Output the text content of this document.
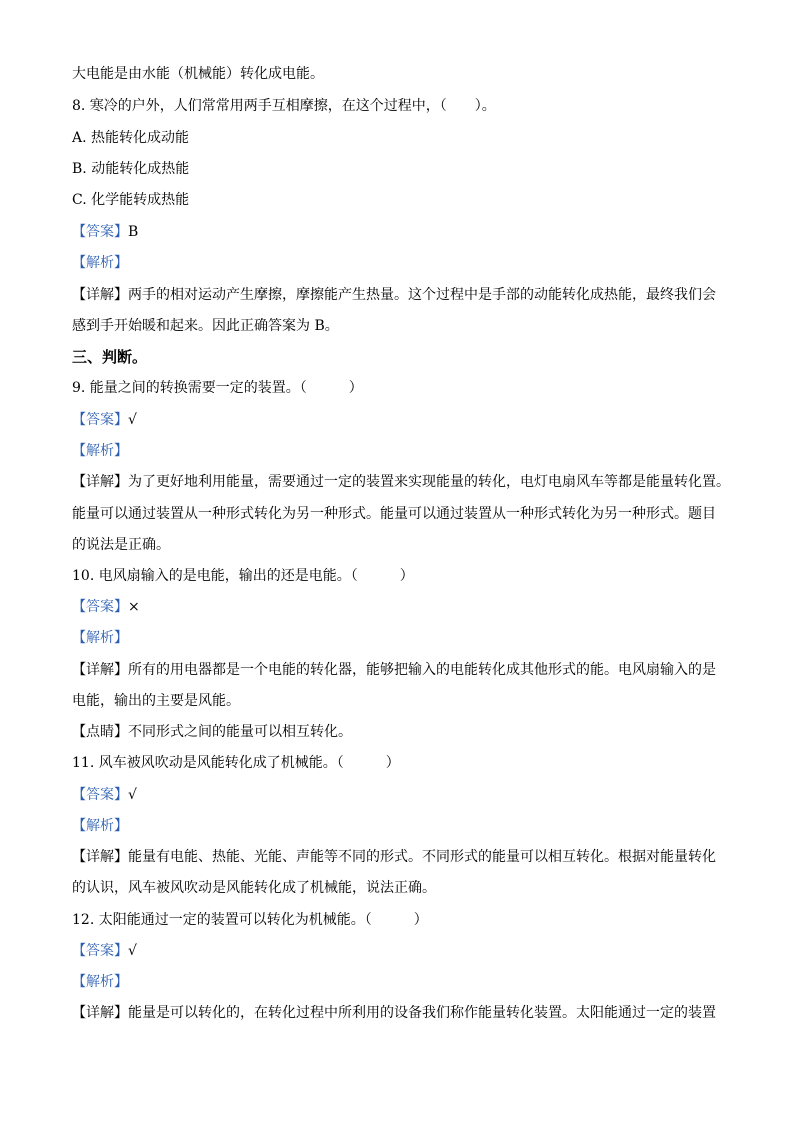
大电能是由水能（机械能）转化成电能。
8. 寒冷的户外，人们常常用两手互相摩擦，在这个过程中，（　　）。
A. 热能转化成动能
B. 动能转化成热能
C. 化学能转成热能
【答案】B
【解析】
【详解】两手的相对运动产生摩擦，摩擦能产生热量。这个过程中是手部的动能转化成热能，最终我们会
感到手开始暖和起来。因此正确答案为 B。
三、判断。
9. 能量之间的转换需要一定的装置。（　　　）
【答案】√
【解析】
【详解】为了更好地利用能量，需要通过一定的装置来实现能量的转化，电灯电扇风车等都是能量转化置。
能量可以通过装置从一种形式转化为另一种形式。能量可以通过装置从一种形式转化为另一种形式。题目
的说法是正确。
10. 电风扇输入的是电能，输出的还是电能。（　　　）
【答案】×
【解析】
【详解】所有的用电器都是一个电能的转化器，能够把输入的电能转化成其他形式的能。电风扇输入的是
电能，输出的主要是风能。
【点睛】不同形式之间的能量可以相互转化。
11. 风车被风吹动是风能转化成了机械能。（　　　）
【答案】√
【解析】
【详解】能量有电能、热能、光能、声能等不同的形式。不同形式的能量可以相互转化。根据对能量转化
的认识，风车被风吹动是风能转化成了机械能，说法正确。
12. 太阳能通过一定的装置可以转化为机械能。（　　　）
【答案】√
【解析】
【详解】能量是可以转化的，在转化过程中所利用的设备我们称作能量转化装置。太阳能通过一定的装置
